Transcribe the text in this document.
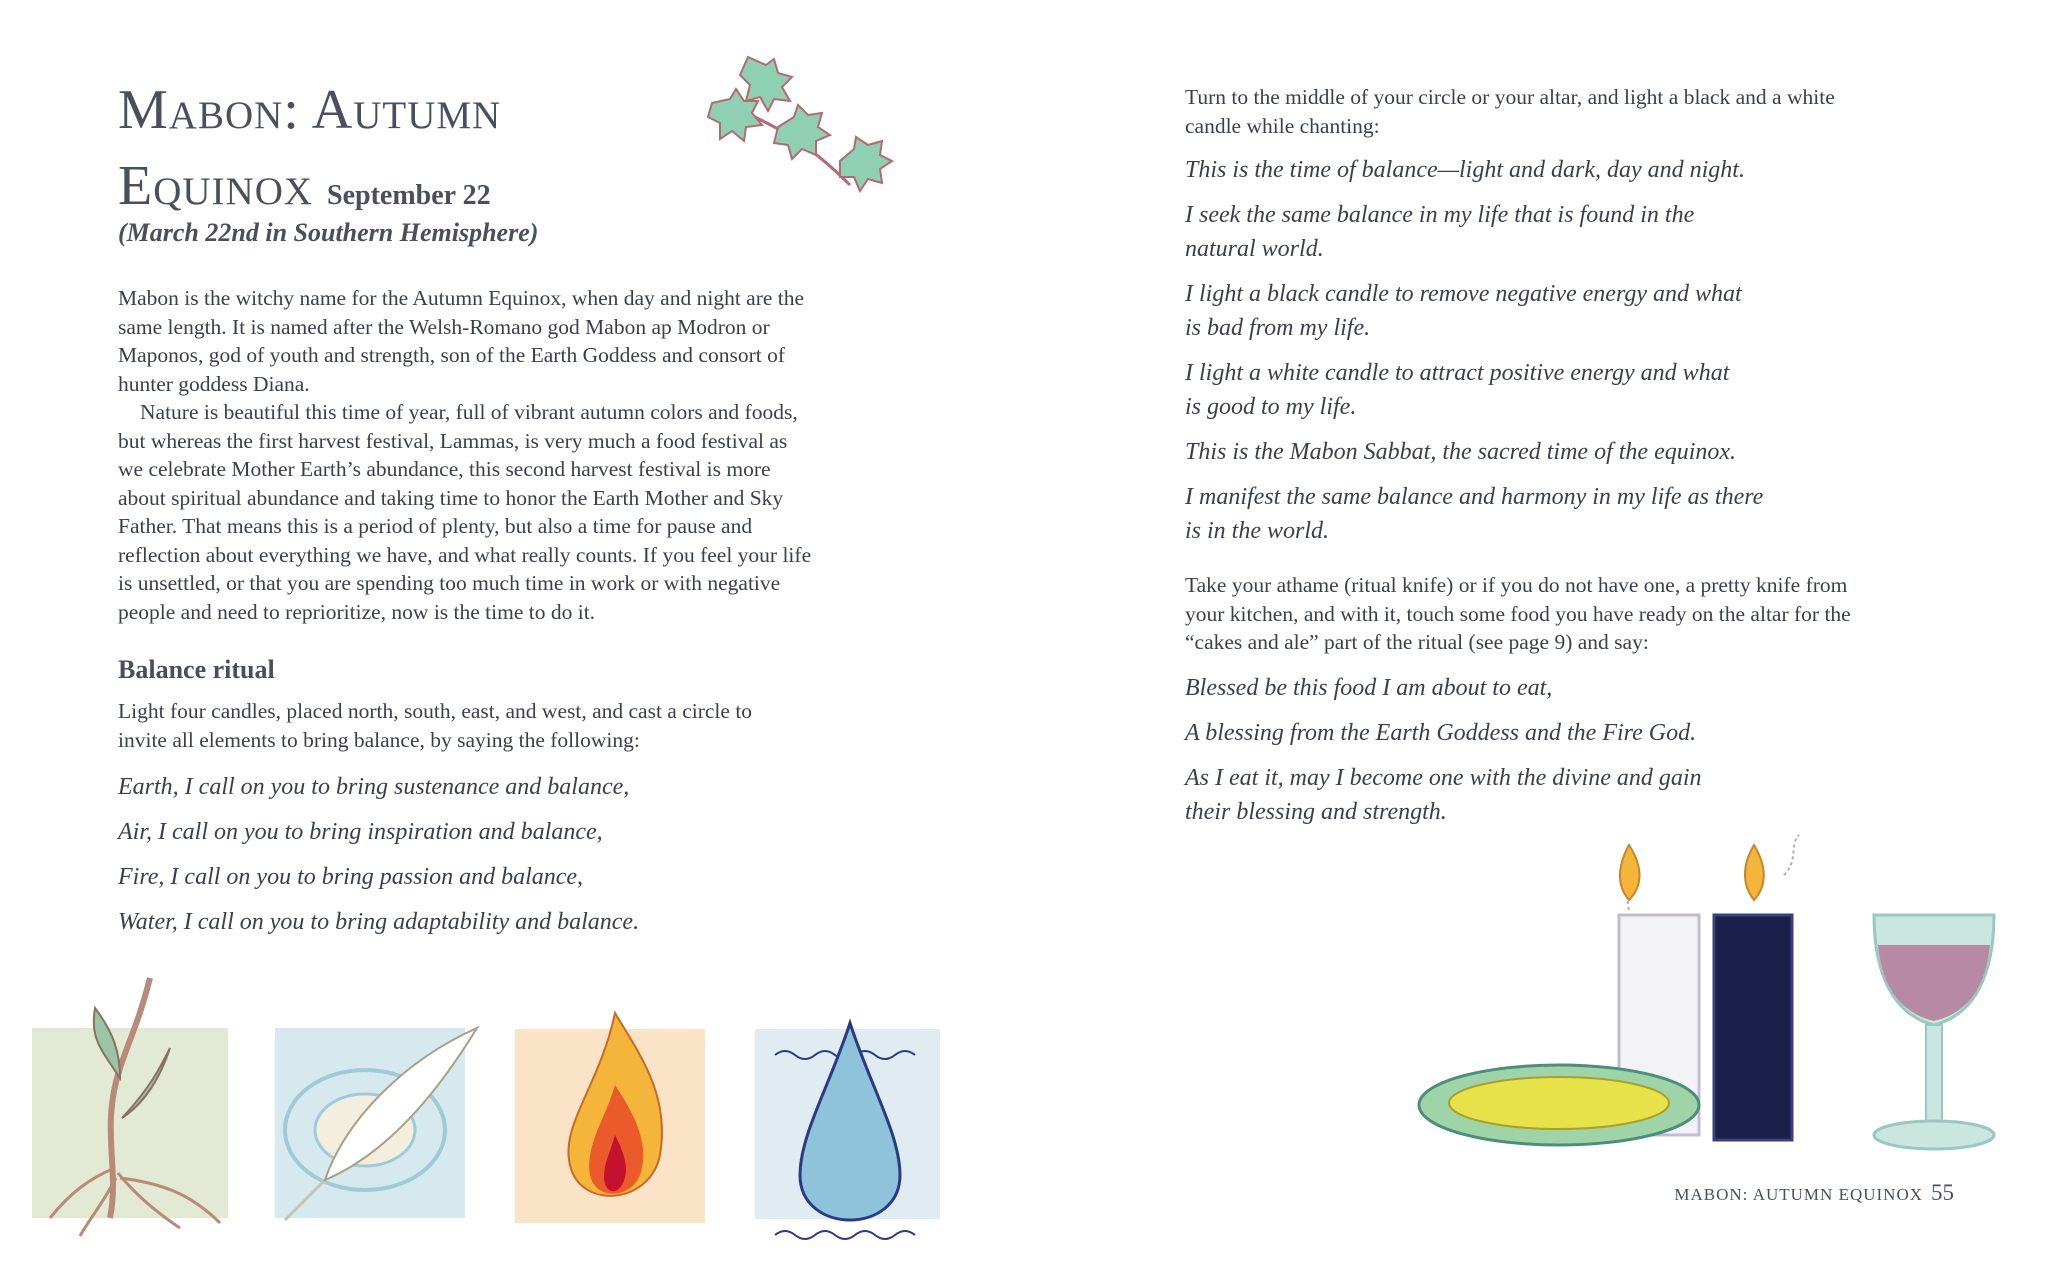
Mabon: Autumn
Equinox September 22
(March 22nd in Southern Hemisphere)

Mabon is the witchy name for the Autumn Equinox, when day and night are the

same length. It is named after the Welsh-Romano god Mabon ap Modron or

Maponos, god of youth and strength, son of the Earth Goddess and consort of

hunter goddess Diana.

Nature is beautiful this time of year, full of vibrant autumn colors and foods,

but whereas the first harvest festival, Lammas, is very much a food festival as

we celebrate Mother Earth’s abundance, this second harvest festival is more

about spiritual abundance and taking time to honor the Earth Mother and Sky

Father. That means this is a period of plenty, but also a time for pause and

reflection about everything we have, and what really counts. If you feel your life

is unsettled, or that you are spending too much time in work or with negative

people and need to reprioritize, now is the time to do it.

Balance ritual

Light four candles, placed north, south, east, and west, and cast a circle to

invite all elements to bring balance, by saying the following:

Earth, I call on you to bring sustenance and balance,

Air, I call on you to bring inspiration and balance,

Fire, I call on you to bring passion and balance,

Water, I call on you to bring adaptability and balance.

Turn to the middle of your circle or your altar, and light a black and a white

candle while chanting:

This is the time of balance—light and dark, day and night.

I seek the same balance in my life that is found in the
natural world.

I light a black candle to remove negative energy and what
is bad from my life.

I light a white candle to attract positive energy and what
is good to my life.

This is the Mabon Sabbat, the sacred time of the equinox.

I manifest the same balance and harmony in my life as there
is in the world.

Take your athame (ritual knife) or if you do not have one, a pretty knife from

your kitchen, and with it, touch some food you have ready on the altar for the

“cakes and ale” part of the ritual (see page 9) and say:

Blessed be this food I am about to eat,

A blessing from the Earth Goddess and the Fire God.

As I eat it, may I become one with the divine and gain
their blessing and strength.

MABON: AUTUMN EQUINOX 55
